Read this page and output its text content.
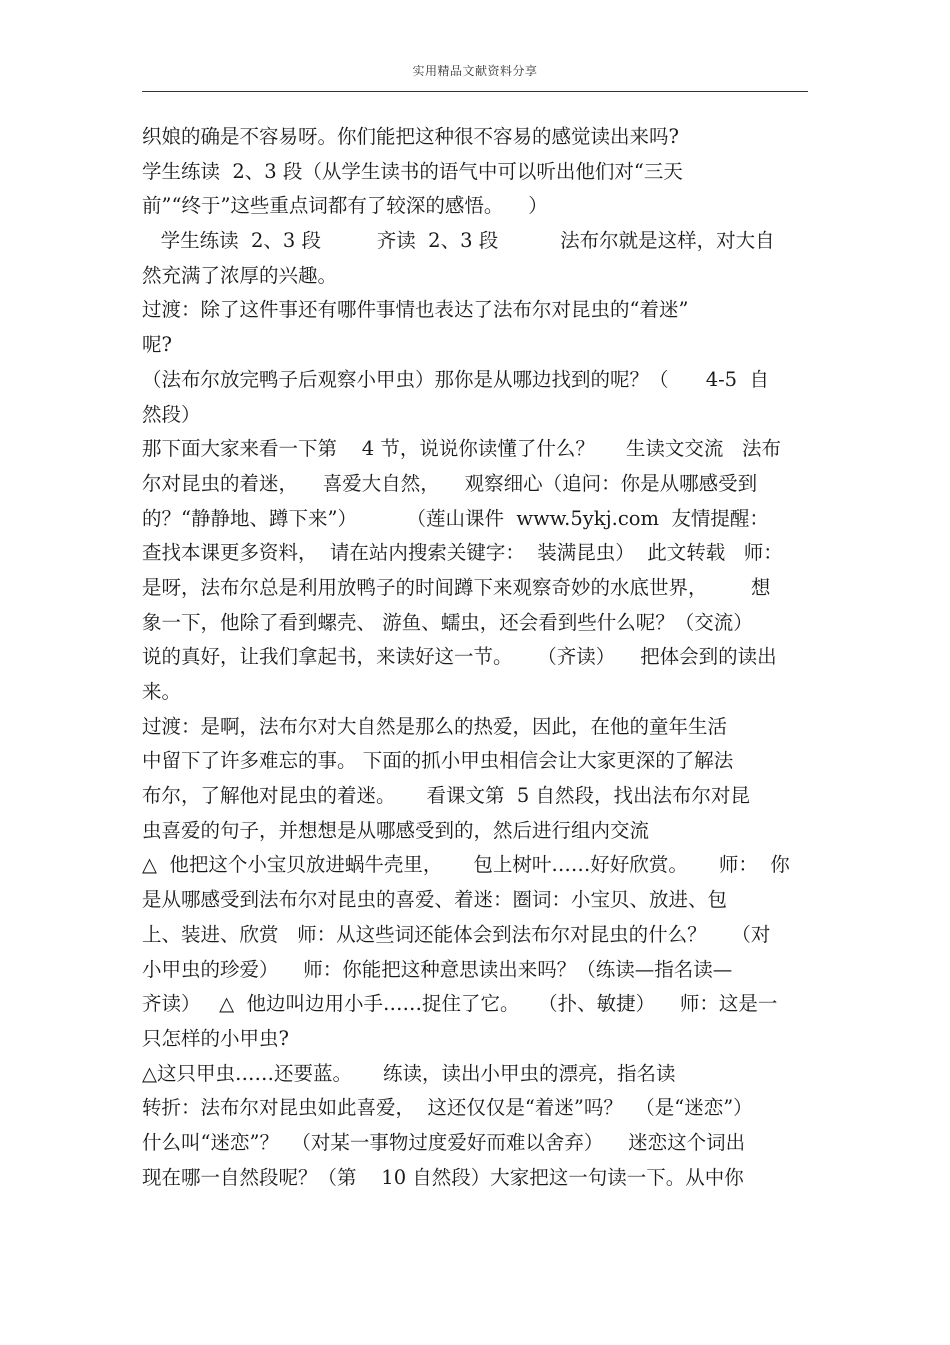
实用精品文献资料分享
织娘的确是不容易呀。你们能把这种很不容易的感觉读出来吗?
学生练读  2、3 段（从学生读书的语气中可以听出他们对“三天
前”“终于”这些重点词都有了较深的感悟。    ）
学生练读  2、3 段         齐读  2、3 段          法布尔就是这样，对大自
然充满了浓厚的兴趣。
过渡：除了这件事还有哪件事情也表达了法布尔对昆虫的“着迷”
呢?
（法布尔放完鸭子后观察小甲虫）那你是从哪边找到的呢？（      4-5  自
然段）
那下面大家来看一下第    4 节，说说你读懂了什么？     生读文交流   法布
尔对昆虫的着迷，    喜爱大自然，    观察细心（追问：你是从哪感受到
的？“静静地、蹲下来”）        （莲山课件  www.5ykj.com  友情提醒：
查找本课更多资料，  请在站内搜索关键字：  装满昆虫）  此文转载   师：
是呀，法布尔总是利用放鸭子的时间蹲下来观察奇妙的水底世界，       想
象一下，他除了看到螺壳、 游鱼、蠕虫，还会看到些什么呢？（交流）
说的真好，让我们拿起书，来读好这一节。    （齐读）    把体会到的读出
来。
过渡：是啊，法布尔对大自然是那么的热爱，因此，在他的童年生活
中留下了许多难忘的事。 下面的抓小甲虫相信会让大家更深的了解法
布尔，了解他对昆虫的着迷。     看课文第  5 自然段，找出法布尔对昆
虫喜爱的句子，并想想是从哪感受到的，然后进行组内交流
△  他把这个小宝贝放进蜗牛壳里，     包上树叶……好好欣赏。     师：  你
是从哪感受到法布尔对昆虫的喜爱、着迷：圈词：小宝贝、放进、包
上、装进、欣赏   师：从这些词还能体会到法布尔对昆虫的什么？    （对
小甲虫的珍爱）    师：你能把这种意思读出来吗？（练读—指名读—
齐读）   △  他边叫边用小手……捉住了它。   （扑、敏捷）    师：这是一
只怎样的小甲虫?
△这只甲虫……还要蓝。     练读，读出小甲虫的漂亮，指名读
转折：法布尔对昆虫如此喜爱，  这还仅仅是“着迷”吗？  （是“迷恋”）
什么叫“迷恋”？  （对某一事物过度爱好而难以舍弃）    迷恋这个词出
现在哪一自然段呢？（第    10 自然段）大家把这一句读一下。从中你
